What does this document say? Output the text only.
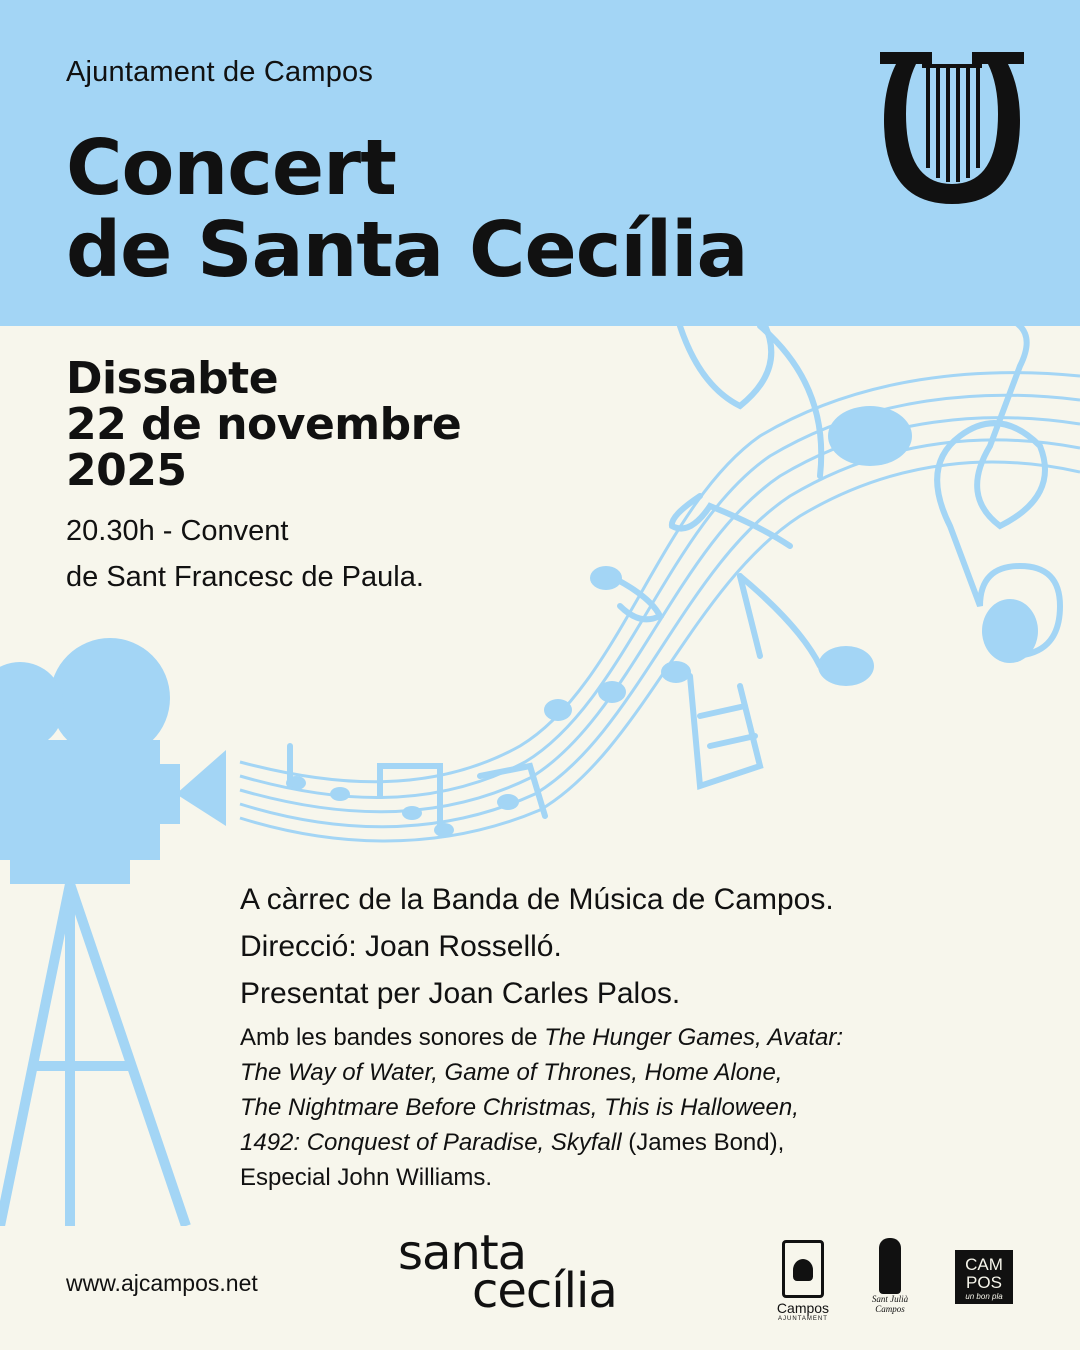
Ajuntament de Campos
Concert
de Santa Cecília
Dissabte
22 de novembre
2025
20.30h - Convent
de Sant Francesc de Paula.
A càrrec de la Banda de Música de Campos.
Direcció: Joan Rosselló.
Presentat per Joan Carles Palos.
Amb les bandes sonores de The Hunger Games, Avatar:
The Way of Water, Game of Thrones, Home Alone,
The Nightmare Before Christmas, This is Halloween,
1492: Conquest of Paradise, Skyfall (James Bond),
Especial John Williams.
www.ajcampos.net
santa
cecília	Campos
AJUNTAMENT
Sant Julià Campos
CAM POS
un bon pla
